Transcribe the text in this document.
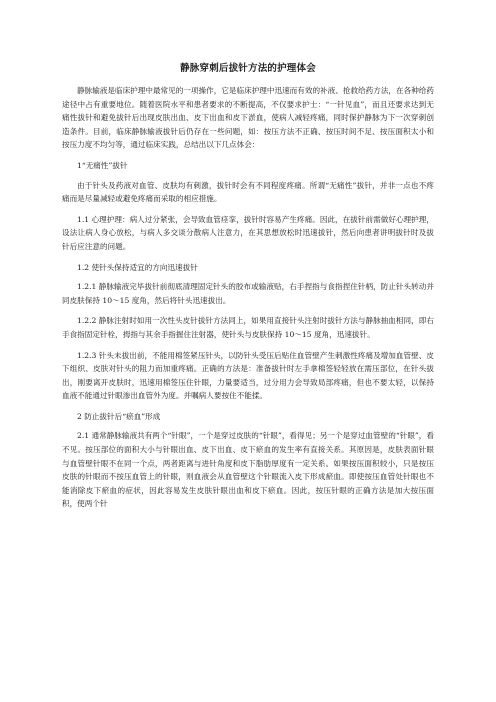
静脉穿刺后拔针方法的护理体会

静脉输液是临床护理中最常见的一项操作，它是临床护理中迅速而有效的补液、抢救给药方法，在各种给药途径中占有重要地位。随着医院水平和患者要求的不断提高，不仅要求护士：“一针见血”，而且还要求达到无痛性拔针和避免拔针后出现皮肤出血、皮下出血和皮下淤血，使病人减轻疼痛，同时保护静脉为下一次穿刺创造条件。目前，临床静脉输液拔针后仍存在一些问题，如：按压方法不正确、按压时间不足、按压面积太小和按压力度不均匀等，通过临床实践，总结出以下几点体会：

1“无痛性”拔针

由于针头及药液对血管、皮肤均有刺激，拔针时会有不同程度疼痛。所谓“无痛性”拔针，并非一点也不疼痛而是尽量减轻或避免疼痛而采取的相应措施。

1.1 心理护理：病人过分紧张，会导致血管痉挛，拔针时容易产生疼痛。因此，在拔针前需做好心理护理，设法让病人身心放松，与病人多交谈分散病人注意力，在其思想放松时迅速拔针，然后向患者讲明拔针时及拔针后应注意的问题。

1.2 使针头保持适宜的方向迅速拔针

1.2.1 静脉输液完毕拔针前彻底清理固定针头的胶布或输液贴，右手捏指与食指捏住针柄，防止针头转动并同皮肤保持 10～15 度角，然后将针头迅速拔出。

1.2.2 静脉注射时如用一次性头皮针拔针方法同上，如果用直接针头注射时拔针方法与静脉抽血相同，即右手食指固定针栓，拇指与其余手指握住注射器，使针头与皮肤保持 10～15 度角，迅速拔针。

1.2.3 针头未拔出前，不能用棉签紧压针头，以防针头受压后贴住血管壁产生刺激性疼痛及增加血管壁、皮下组织、皮肤对针头的阻力而加重疼痛。正确的方法是：准备拔针时左手拿棉签轻轻放在需压部位，在针头拔出，刚要离开皮肤时，迅速用棉签压住针眼，力量要适当，过分用力会导致局部疼痛，但也不要太轻，以保持血液不能通过针眼渗出血管外为度。并嘱病人要按住不能揉。

2 防止拔针后“瘀血”形成

2.1 通常静脉输液共有两个“针眼”，一个是穿过皮肤的“针眼”，看得见；另一个是穿过血管壁的“针眼”，看不见。按压部位的面积大小与针眼出血、皮下出血、皮下瘀血的发生率有直接关系。其原因是，皮肤表面针眼与血管壁针眼不在同一个点，两者距离与进针角度和皮下脂肪厚度有一定关系。如果按压面积较小，只是按压皮肤的针眼而不按压血管上的针眼，则血液会从血管壁这个针眼流入皮下形成瘀血。即使按压血管处针眼也不能消除皮下瘀血的症状，因此容易发生皮肤针眼出血和皮下瘀血。因此，按压针眼的正确方法是加大按压面积，使两个针
